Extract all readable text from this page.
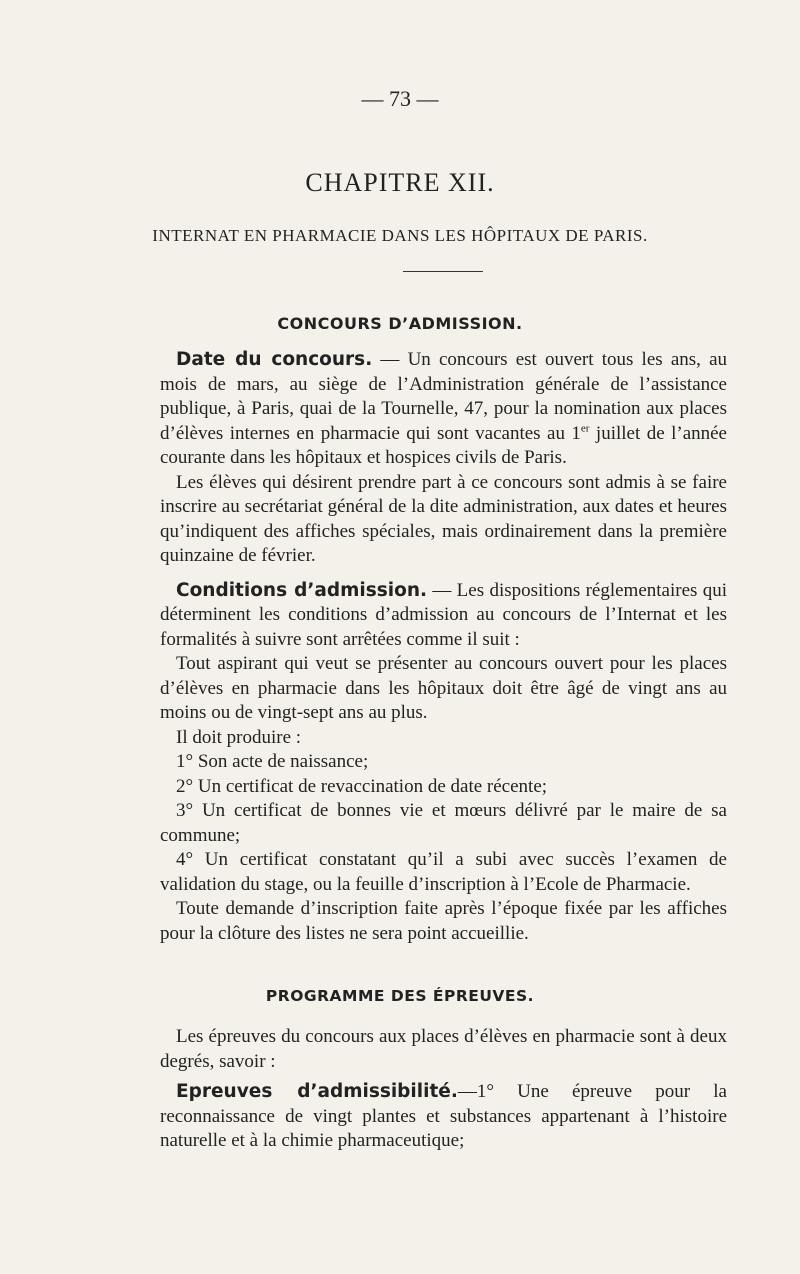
— 73 —
CHAPITRE XII.
INTERNAT EN PHARMACIE DANS LES HÔPITAUX DE PARIS.
CONCOURS D’ADMISSION.

Date du concours. — Un concours est ouvert tous les ans, au mois de mars, au siège de l’Administration générale de l’assistance publique, à Paris, quai de la Tournelle, 47, pour la nomination aux places d’élèves internes en pharmacie qui sont vacantes au 1er juillet de l’année courante dans les hôpitaux et hospices civils de Paris.

Les élèves qui désirent prendre part à ce concours sont admis à se faire inscrire au secrétariat général de la dite administration, aux dates et heures qu’indiquent des affiches spéciales, mais ordinairement dans la première quinzaine de février.

Conditions d’admission. — Les dispositions réglementaires qui déterminent les conditions d’admission au concours de l’Internat et les formalités à suivre sont arrêtées comme il suit :

Tout aspirant qui veut se présenter au concours ouvert pour les places d’élèves en pharmacie dans les hôpitaux doit être âgé de vingt ans au moins ou de vingt-sept ans au plus.

Il doit produire :

1° Son acte de naissance;

2° Un certificat de revaccination de date récente;

3° Un certificat de bonnes vie et mœurs délivré par le maire de sa commune;

4° Un certificat constatant qu’il a subi avec succès l’examen de validation du stage, ou la feuille d’inscription à l’Ecole de Pharmacie.

Toute demande d’inscription faite après l’époque fixée par les affiches pour la clôture des listes ne sera point accueillie.

PROGRAMME DES ÉPREUVES.

Les épreuves du concours aux places d’élèves en pharmacie sont à deux degrés, savoir :

Epreuves d’admissibilité.—1° Une épreuve pour la reconnaissance de vingt plantes et substances appartenant à l’histoire naturelle et à la chimie pharmaceutique;
